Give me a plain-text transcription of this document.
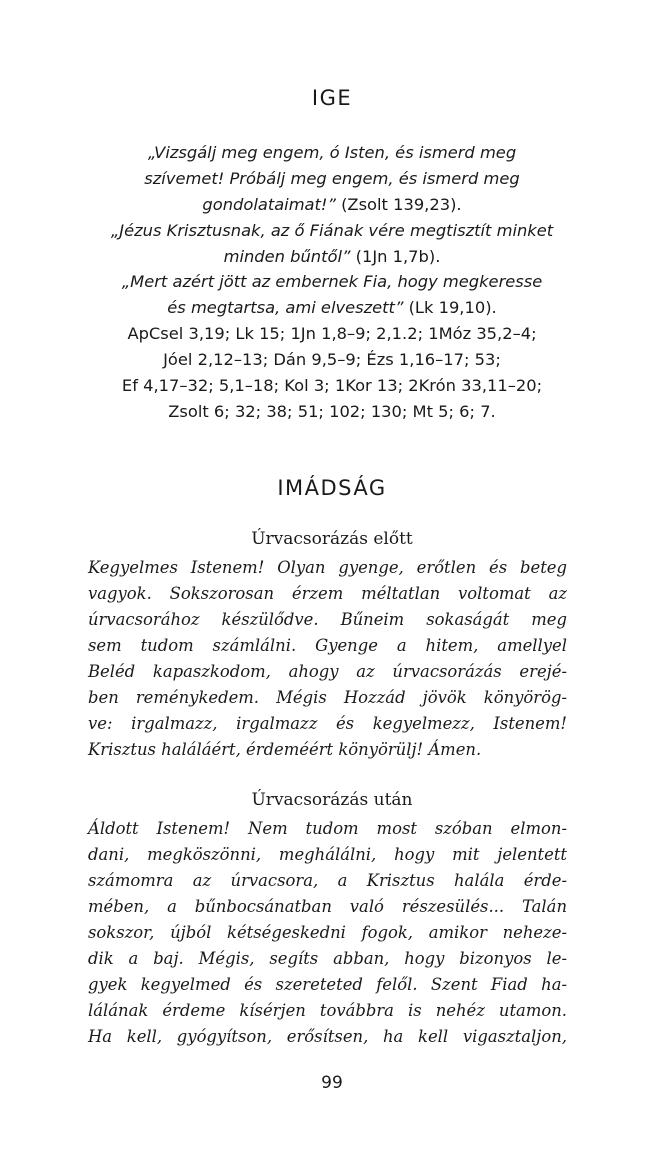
IGE
„Vizsgálj meg engem, ó Isten, és ismerd meg
szívemet! Próbálj meg engem, és ismerd meg
gondolataimat!” (Zsolt 139,23).
„Jézus Krisztusnak, az ő Fiának vére megtisztít minket
minden bűntől” (1Jn 1,7b).
„Mert azért jött az embernek Fia, hogy megkeresse
és megtartsa, ami elveszett” (Lk 19,10).
ApCsel 3,19; Lk 15; 1Jn 1,8–9; 2,1.2; 1Móz 35,2–4;
Jóel 2,12–13; Dán 9,5–9; Ézs 1,16–17; 53;
Ef 4,17–32; 5,1–18; Kol 3; 1Kor 13; 2Krón 33,11–20;
Zsolt 6; 32; 38; 51; 102; 130; Mt 5; 6; 7.
IMÁDSÁG
Úrvacsorázás előtt
Kegyelmes Istenem! Olyan gyenge, erőtlen és beteg
vagyok. Sokszorosan érzem méltatlan voltomat az
úrvacsorához készülődve. Bűneim sokaságát meg
sem tudom számlálni. Gyenge a hitem, amellyel
Beléd kapaszkodom, ahogy az úrvacsorázás erejé-
ben reménykedem. Mégis Hozzád jövök könyörög-
ve: irgalmazz, irgalmazz és kegyelmezz, Istenem!
Krisztus haláláért, érdeméért könyörülj! Ámen.
Úrvacsorázás után
Áldott Istenem! Nem tudom most szóban elmon-
dani, megköszönni, meghálálni, hogy mit jelentett
számomra az úrvacsora, a Krisztus halála érde-
mében, a bűnbocsánatban való részesülés... Talán
sokszor, újból kétségeskedni fogok, amikor neheze-
dik a baj. Mégis, segíts abban, hogy bizonyos le-
gyek kegyelmed és szereteted felől. Szent Fiad ha-
lálának érdeme kísérjen továbbra is nehéz utamon.
Ha kell, gyógyítson, erősítsen, ha kell vigasztaljon,
99
